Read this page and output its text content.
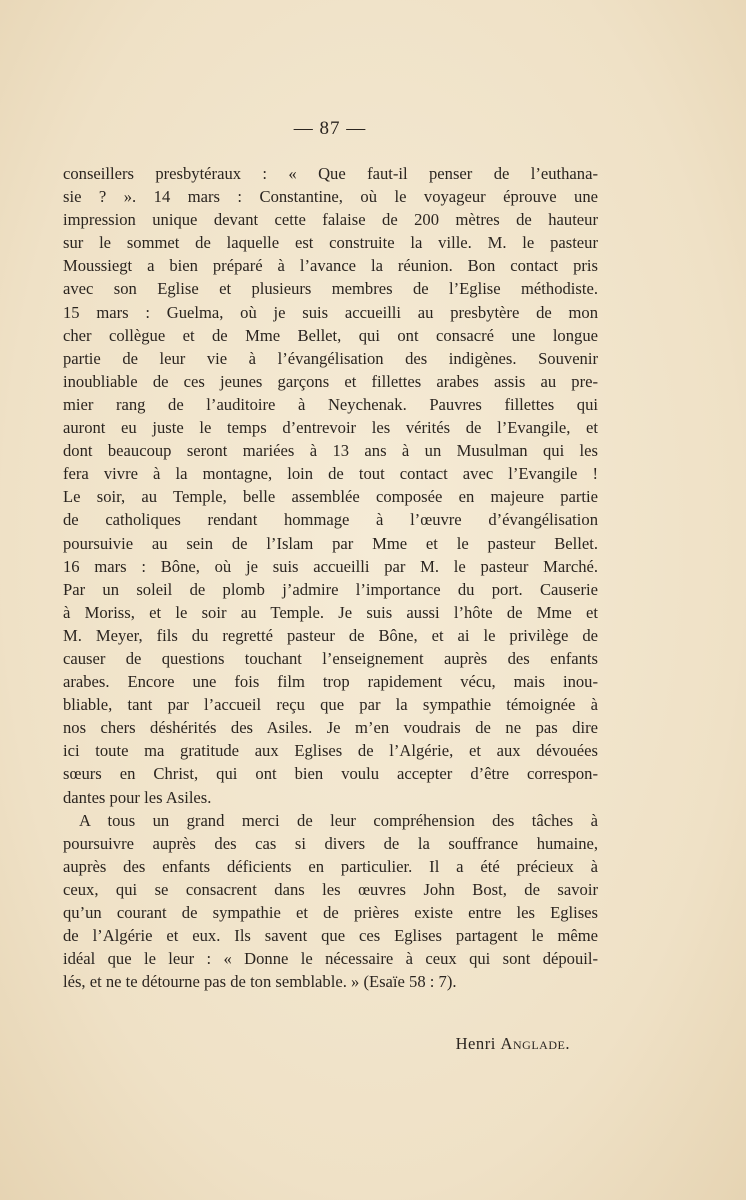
— 87 —
conseillers presbytéraux : « Que faut-il penser de l’euthana-
sie ? ». 14 mars : Constantine, où le voyageur éprouve une
impression unique devant cette falaise de 200 mètres de hauteur
sur le sommet de laquelle est construite la ville. M. le pasteur
Moussiegt a bien préparé à l’avance la réunion. Bon contact pris
avec son Eglise et plusieurs membres de l’Eglise méthodiste.
15 mars : Guelma, où je suis accueilli au presbytère de mon
cher collègue et de Mme Bellet, qui ont consacré une longue
partie de leur vie à l’évangélisation des indigènes. Souvenir
inoubliable de ces jeunes garçons et fillettes arabes assis au pre-
mier rang de l’auditoire à Neychenak. Pauvres fillettes qui
auront eu juste le temps d’entrevoir les vérités de l’Evangile, et
dont beaucoup seront mariées à 13 ans à un Musulman qui les
fera vivre à la montagne, loin de tout contact avec l’Evangile !
Le soir, au Temple, belle assemblée composée en majeure partie
de catholiques rendant hommage à l’œuvre d’évangélisation
poursuivie au sein de l’Islam par Mme et le pasteur Bellet.
16 mars : Bône, où je suis accueilli par M. le pasteur Marché.
Par un soleil de plomb j’admire l’importance du port. Causerie
à Moriss, et le soir au Temple. Je suis aussi l’hôte de Mme et
M. Meyer, fils du regretté pasteur de Bône, et ai le privilège de
causer de questions touchant l’enseignement auprès des enfants
arabes. Encore une fois film trop rapidement vécu, mais inou-
bliable, tant par l’accueil reçu que par la sympathie témoignée à
nos chers déshérités des Asiles. Je m’en voudrais de ne pas dire
ici toute ma gratitude aux Eglises de l’Algérie, et aux dévouées
sœurs en Christ, qui ont bien voulu accepter d’être correspon-
dantes pour les Asiles.
A tous un grand merci de leur compréhension des tâches à
poursuivre auprès des cas si divers de la souffrance humaine,
auprès des enfants déficients en particulier. Il a été précieux à
ceux, qui se consacrent dans les œuvres John Bost, de savoir
qu’un courant de sympathie et de prières existe entre les Eglises
de l’Algérie et eux. Ils savent que ces Eglises partagent le même
idéal que le leur : « Donne le nécessaire à ceux qui sont dépouil-
lés, et ne te détourne pas de ton semblable. » (Esaïe 58 : 7).
Henri Anglade.
